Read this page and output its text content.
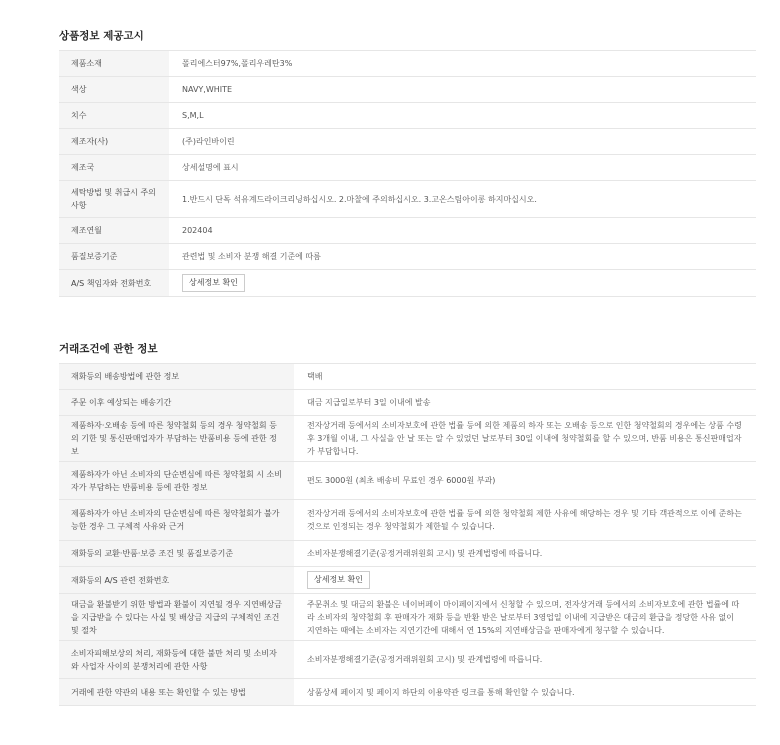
상품정보 제공고시
제품소재	폴리에스터97%,폴리우레탄3%
색상	NAVY,WHITE
치수	S,M,L
제조자(사)	(주)라인바이린
제조국	상세설명에 표시
세탁방법 및 취급시 주의사항	1.반드시 단독 석유계드라이크리닝하십시오. 2.마찰에 주의하십시오. 3.고온스팀아이롱 하지마십시오.
제조연월	202404
품질보증기준	관련법 및 소비자 분쟁 해결 기준에 따름
A/S 책임자와 전화번호	상세정보 확인
거래조건에 관한 정보
재화등의 배송방법에 관한 정보	택배
주문 이후 예상되는 배송기간	대금 지급일로부터 3일 이내에 발송
제품하자·오배송 등에 따른 청약철회 등의 경우 청약철회 등의 기한 및 통신판매업자가 부담하는 반품비용 등에 관한 정보	전자상거래 등에서의 소비자보호에 관한 법률 등에 의한 제품의 하자 또는 오배송 등으로 인한 청약철회의 경우에는 상품 수령 후 3개월 이내, 그 사실을 안 날 또는 알 수 있었던 날로부터 30일 이내에 청약철회를 할 수 있으며, 반품 비용은 통신판매업자가 부담합니다.
제품하자가 아닌 소비자의 단순변심에 따른 청약철회 시 소비자가 부담하는 반품비용 등에 관한 정보	편도 3000원 (최초 배송비 무료인 경우 6000원 부과)
제품하자가 아닌 소비자의 단순변심에 따른 청약철회가 불가능한 경우 그 구체적 사유와 근거	전자상거래 등에서의 소비자보호에 관한 법률 등에 의한 청약철회 제한 사유에 해당하는 경우 및 기타 객관적으로 이에 준하는 것으로 인정되는 경우 청약철회가 제한될 수 있습니다.
재화등의 교환·반품·보증 조건 및 품질보증기준	소비자분쟁해결기준(공정거래위원회 고시) 및 관계법령에 따릅니다.
재화등의 A/S 관련 전화번호	상세정보 확인
대금을 환불받기 위한 방법과 환불이 지연될 경우 지연배상금을 지급받을 수 있다는 사실 및 배상금 지급의 구체적인 조건 및 절차	주문취소 및 대금의 환불은 네이버페이 마이페이지에서 신청할 수 있으며, 전자상거래 등에서의 소비자보호에 관한 법률에 따라 소비자의 청약철회 후 판매자가 재화 등을 반환 받은 날로부터 3영업일 이내에 지급받은 대금의 환급을 정당한 사유 없이 지연하는 때에는 소비자는 지연기간에 대해서 연 15%의 지연배상금을 판매자에게 청구할 수 있습니다.
소비자피해보상의 처리, 재화등에 대한 불만 처리 및 소비자와 사업자 사이의 분쟁처리에 관한 사항	소비자분쟁해결기준(공정거래위원회 고시) 및 관계법령에 따릅니다.
거래에 관한 약관의 내용 또는 확인할 수 있는 방법	상품상세 페이지 및 페이지 하단의 이용약관 링크를 통해 확인할 수 있습니다.
